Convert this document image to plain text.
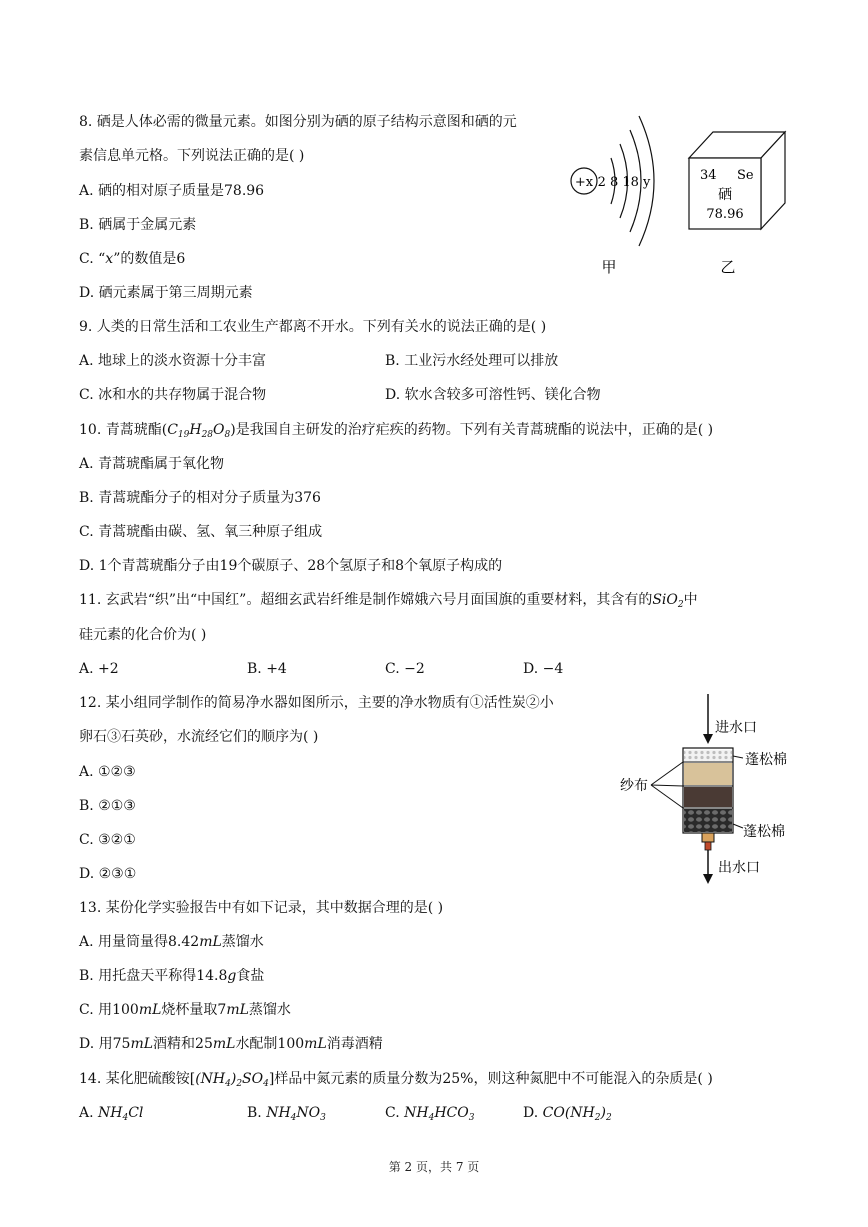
8. 硒是人体必需的微量元素。如图分别为硒的原子结构示意图和硒的元
素信息单元格。下列说法正确的是( )
A. 硒的相对原子质量是78.96
B. 硒属于金属元素
C. “x”的数值是6
D. 硒元素属于第三周期元素
+x 2 8 18 y
甲
34 Se
硒
78.96
乙
9. 人类的日常生活和工农业生产都离不开水。下列有关水的说法正确的是( )
A. 地球上的淡水资源十分丰富	B. 工业污水经处理可以排放
C. 冰和水的共存物属于混合物	D. 软水含较多可溶性钙、镁化合物
10. 青蒿琥酯$(C_{19}H_{28}O_8)$是我国自主研发的治疗疟疾的药物。下列有关青蒿琥酯的说法中，正确的是( )
A. 青蒿琥酯属于氧化物
B. 青蒿琥酯分子的相对分子质量为376
C. 青蒿琥酯由碳、氢、氧三种原子组成
D. 1个青蒿琥酯分子由19个碳原子、28个氢原子和8个氧原子构成的
11. 玄武岩“织”出“中国红”。超细玄武岩纤维是制作嫦娥六号月面国旗的重要材料，其含有的SiO$_2$中
硅元素的化合价为( )
A. +2	B. +4	C. −2	D. −4
12. 某小组同学制作的简易净水器如图所示，主要的净水物质有①活性炭②小
卵石③石英砂，水流经它们的顺序为( )
A. ①②③
B. ②①③
C. ③②①
D. ②③①
进水口
出水口
蓬松棉
蓬松棉
纱布
13. 某份化学实验报告中有如下记录，其中数据合理的是( )
A. 用量筒量得8.42mL蒸馏水
B. 用托盘天平称得14.8g食盐
C. 用100mL烧杯量取7mL蒸馏水
D. 用75mL酒精和25mL水配制100mL消毒酒精
14. 某化肥硫酸铵$[(NH_4)_2SO_4]$样品中氮元素的质量分数为25%，则这种氮肥中不可能混入的杂质是( )
A. $NH_4Cl$	B. $NH_4NO_3$	C. $NH_4HCO_3$	D. $CO(NH_2)_2$
第 2 页，共 7 页
